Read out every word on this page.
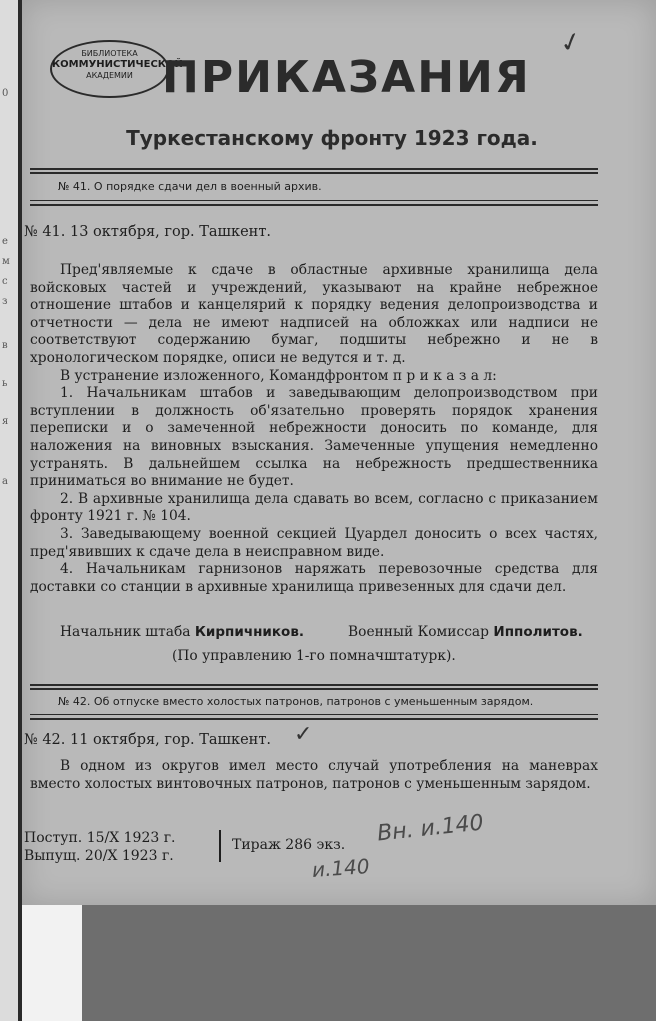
0
е
м
с
з
в
ь
я
а
БИБЛИОТЕКА
КОММУНИСТИЧЕСКОЙ
АКАДЕМИИ
✓
ПРИКАЗАНИЯ
Туркестанскому фронту 1923 года.
№ 41. О порядке сдачи дел в военный архив.
№ 41. 13 октября, гор. Ташкент.

Пред'являемые к сдаче в областные архивные хранилища дела войсковых частей и учреждений, указывают на крайне небрежное отношение штабов и канцелярий к порядку ведения делопроизводства и отчетности — дела не имеют надписей на обложках или надписи не соответствуют содержанию бумаг, подшиты небрежно и не в хронологическом порядке, описи не ведутся и т. д.

В устранение изложенного, Командфронтом п р и к а з а л:

1. Начальникам штабов и заведывающим делопроизводством при вступлении в должность об'язательно проверять порядок хранения переписки и о замеченной небрежности доносить по команде, для наложения на виновных взыскания. Замеченные упущения немедленно устранять. В дальнейшем ссылка на небрежность предшественника приниматься во внимание не будет.

2. В архивные хранилища дела сдавать во всем, согласно с приказанием фронту 1921 г. № 104.

3. Заведывающему военной секцией Цуардел доносить о всех частях, пред'явивших к сдаче дела в неисправном виде.

4. Начальникам гарнизонов наряжать перевозочные средства для доставки со станции в архивные хранилища привезенных для сдачи дел.

Начальник штаба Кирпичников.	Военный Комиссар Ипполитов.
(По управлению 1-го помначштатурк).
№ 42. Об отпуске вместо холостых патронов, патронов с уменьшенным зарядом.
№ 42. 11 октября, гор. Ташкент. ✓

В одном из округов имел место случай употребления на маневрах вместо холостых винтовочных патронов, патронов с уменьшенным зарядом.

Поступ. 15/X 1923 г.
Выпущ. 20/X 1923 г.
Тираж 286 экз. Вн. и.140
и.140
